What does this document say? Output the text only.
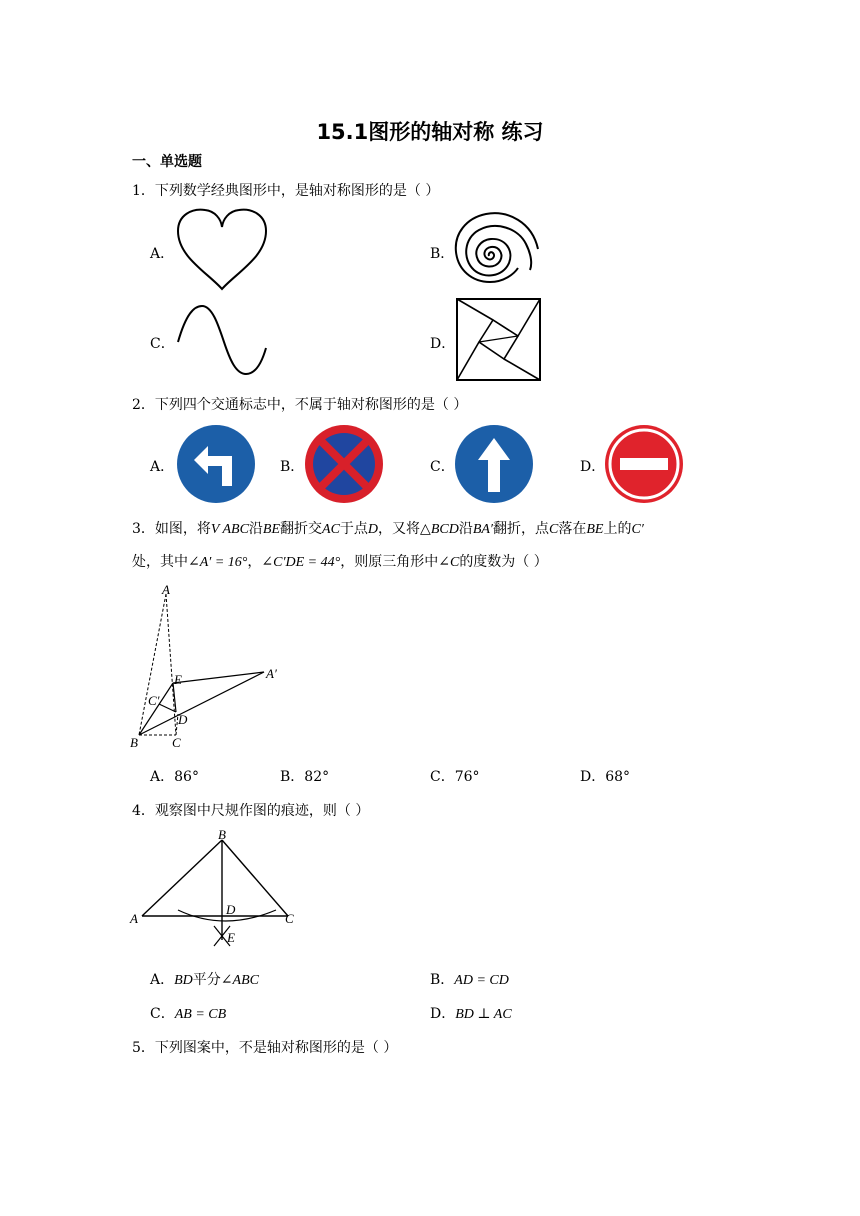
15.1图形的轴对称 练习
一、单选题
1．下列数学经典图形中，是轴对称图形的是（ ）
A．	B．
C．	D．
2．下列四个交通标志中，不属于轴对称图形的是（ ）
A．	B．	C．	D．
3．如图，将V ABC沿BE翻折交AC于点D，又将△BCD沿BA′翻折，点C落在BE上的C′
处，其中∠A′ = 16°，∠C′DE = 44°，则原三角形中∠C的度数为（ ）
A
A′
E
C′
D
B	C
A．86°	B．82°	C．76°	D．68°
4．观察图中尺规作图的痕迹，则（ ）
B
A	C
D
E
A．BD平分∠ABC	B．AD = CD
C．AB = CB	D．BD ⊥ AC
5．下列图案中，不是轴对称图形的是（ ）
